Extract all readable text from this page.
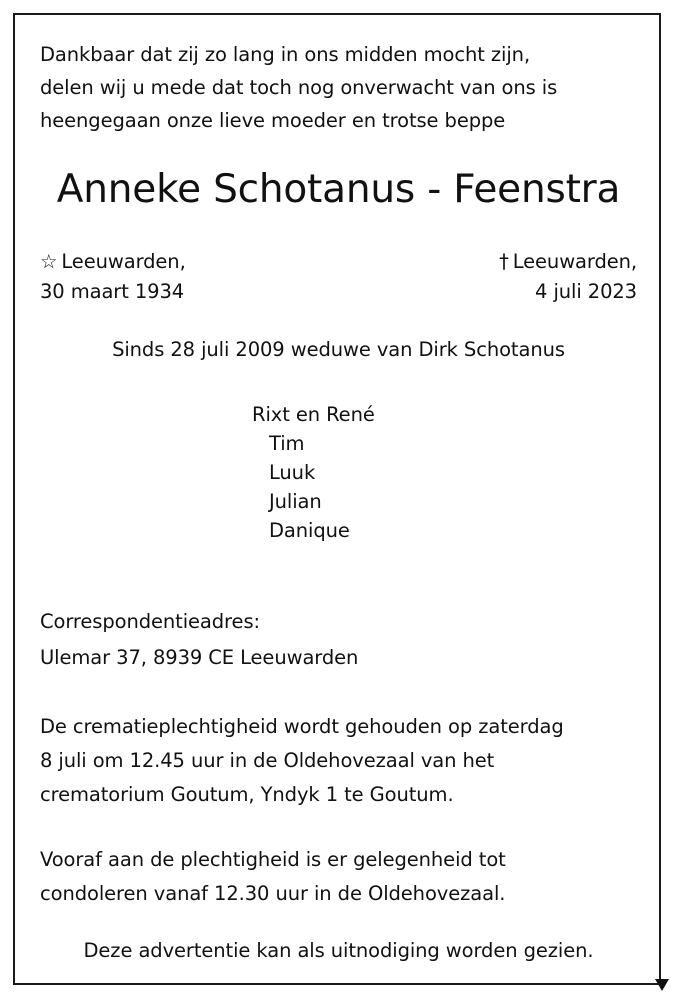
Dankbaar dat zij zo lang in ons midden mocht zijn,
delen wij u mede dat toch nog onverwacht van ons is
heengegaan onze lieve moeder en trotse beppe
Anneke Schotanus - Feenstra
☆ Leeuwarden,
30 maart 1934
† Leeuwarden,
4 juli 2023
Sinds 28 juli 2009 weduwe van Dirk Schotanus
Rixt en René
Tim
Luuk
Julian
Danique
Correspondentieadres:
Ulemar 37, 8939 CE Leeuwarden
De crematieplechtigheid wordt gehouden op zaterdag
8 juli om 12.45 uur in de Oldehovezaal van het
crematorium Goutum, Yndyk 1 te Goutum.
Vooraf aan de plechtigheid is er gelegenheid tot
condoleren vanaf 12.30 uur in de Oldehovezaal.
Deze advertentie kan als uitnodiging worden gezien.
